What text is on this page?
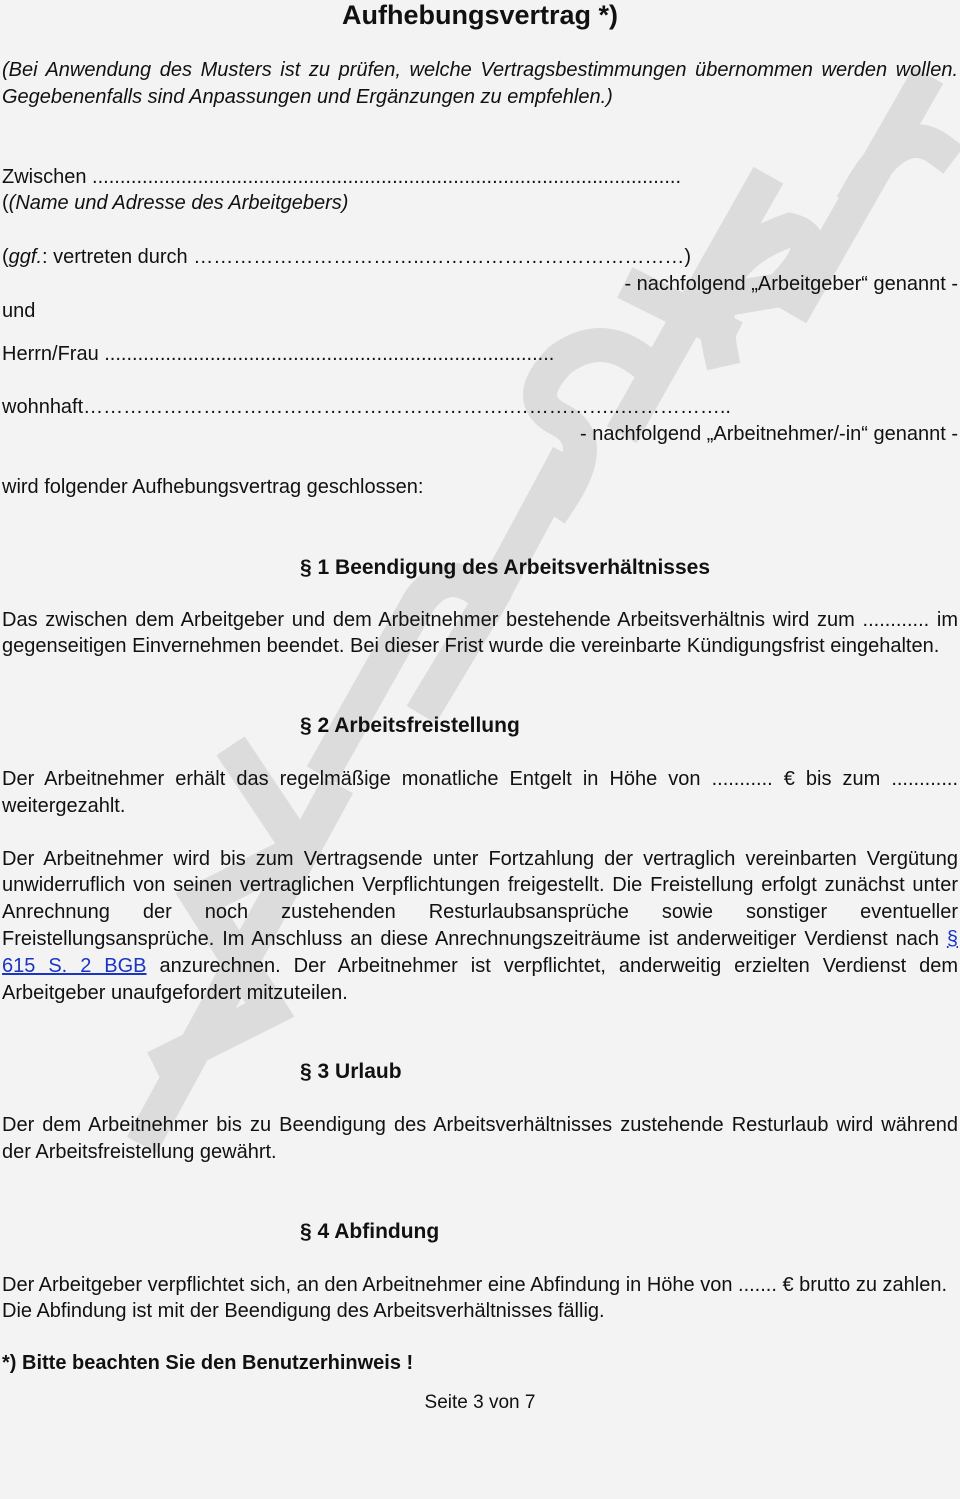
Aufhebungsvertrag *)
(Bei Anwendung des Musters ist zu prüfen, welche Vertragsbestimmungen übernommen werden wollen. Gegebenenfalls sind Anpassungen und Ergänzungen zu empfehlen.)
Zwischen ..........................................................................................................
((Name und Adresse des Arbeitgebers)
(ggf.: vertreten durch ……………………………..…………………………………)
- nachfolgend „Arbeitgeber“ genannt -
und
Herrn/Frau .................................................................................
wohnhaft……………………………………………………….……………..……………..
- nachfolgend „Arbeitnehmer/-in“ genannt -
wird folgender Aufhebungsvertrag geschlossen:
§ 1 Beendigung des Arbeitsverhältnisses
Das zwischen dem Arbeitgeber und dem Arbeitnehmer bestehende Arbeitsverhältnis wird zum ............ im gegenseitigen Einvernehmen beendet. Bei dieser Frist wurde die vereinbarte Kündigungsfrist eingehalten.
§ 2 Arbeitsfreistellung
Der Arbeitnehmer erhält das regelmäßige monatliche Entgelt in Höhe von ........... € bis zum ............ weitergezahlt.
Der Arbeitnehmer wird bis zum Vertragsende unter Fortzahlung der vertraglich vereinbarten Vergütung unwiderruflich von seinen vertraglichen Verpflichtungen freigestellt. Die Freistellung erfolgt zunächst unter Anrechnung der noch zustehenden Resturlaubsansprüche sowie sonstiger eventueller Freistellungsansprüche. Im Anschluss an diese Anrechnungszeiträume ist anderweitiger Verdienst nach § 615 S. 2 BGB anzurechnen. Der Arbeitnehmer ist verpflichtet, anderweitig erzielten Verdienst dem Arbeitgeber unaufgefordert mitzuteilen.
§ 3 Urlaub
Der dem Arbeitnehmer bis zu Beendigung des Arbeitsverhältnisses zustehende Resturlaub wird während der Arbeitsfreistellung gewährt.
§ 4 Abfindung
Der Arbeitgeber verpflichtet sich, an den Arbeitnehmer eine Abfindung in Höhe von ....... € brutto zu zahlen.
Die Abfindung ist mit der Beendigung des Arbeitsverhältnisses fällig.
*) Bitte beachten Sie den Benutzerhinweis !
Seite 3 von 7
